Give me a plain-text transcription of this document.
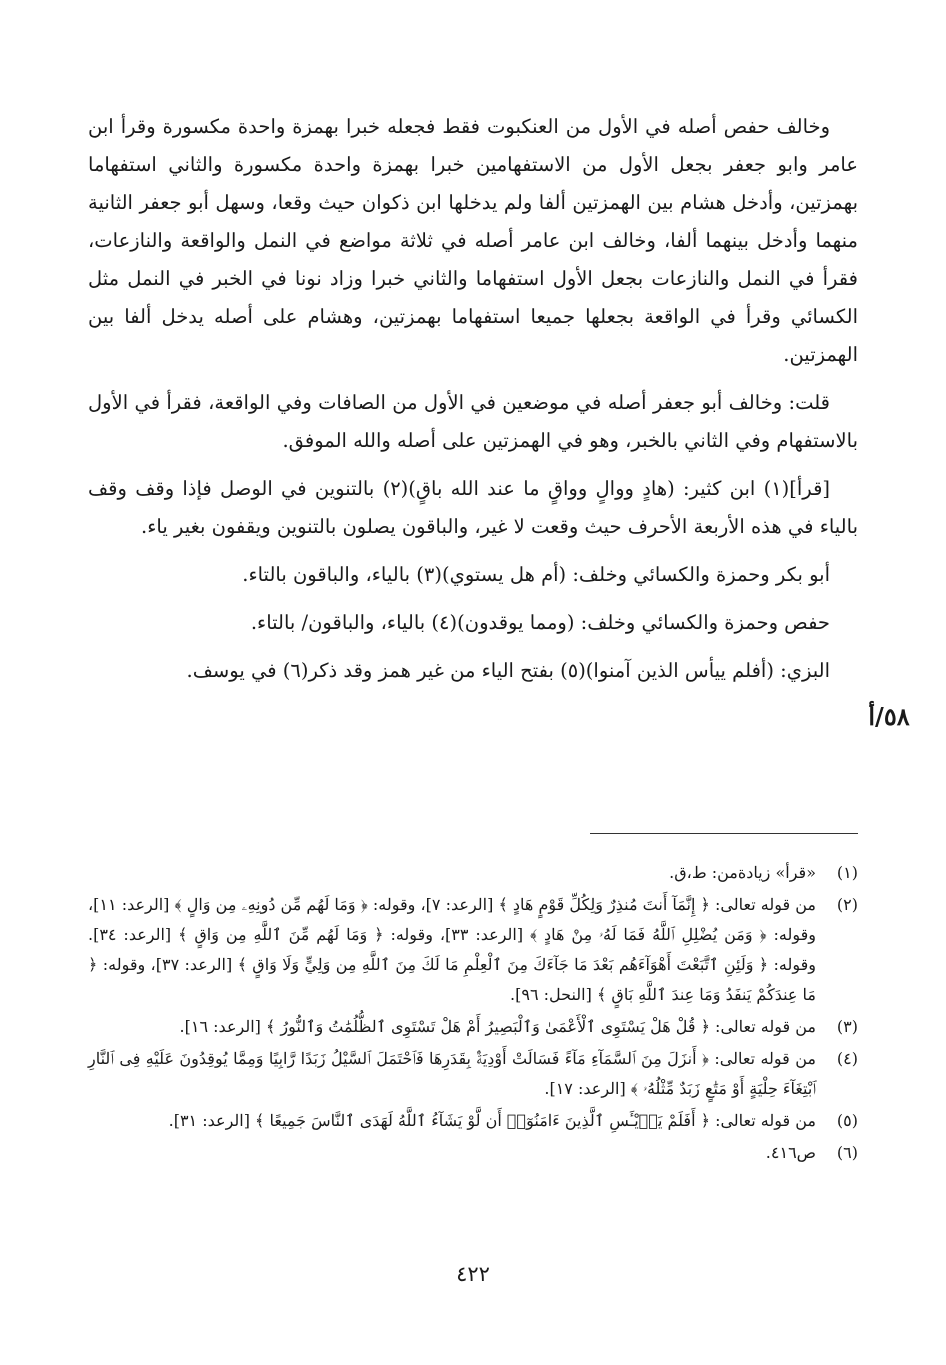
وخالف حفص أصله في الأول من العنكبوت فقط فجعله خبرا بهمزة واحدة مكسورة وقرأ ابن عامر وابو جعفر بجعل الأول من الاستفهامين خبرا بهمزة واحدة مكسورة والثاني استفهاما بهمزتين، وأدخل هشام بين الهمزتين ألفا ولم يدخلها ابن ذكوان حيث وقعا، وسهل أبو جعفر الثانية منهما وأدخل بينهما ألفا، وخالف ابن عامر أصله في ثلاثة مواضع في النمل والواقعة والنازعات، فقرأ في النمل والنازعات بجعل الأول استفهاما والثاني خبرا وزاد نونا في الخبر في النمل مثل الكسائي وقرأ في الواقعة بجعلها جميعا استفهاما بهمزتين، وهشام على أصله يدخل ألفا بين الهمزتين.

قلت: وخالف أبو جعفر أصله في موضعين في الأول من الصافات وفي الواقعة، فقرأ في الأول بالاستفهام وفي الثاني بالخبر، وهو في الهمزتين على أصله والله الموفق.

[قرأ](١) ابن كثير: (هادٍ ووالٍ وواقٍ ما عند الله باقٍ)(٢) بالتنوين في الوصل فإذا وقف وقف بالياء في هذه الأربعة الأحرف حيث وقعت لا غير، والباقون يصلون بالتنوين ويقفون بغير ياء.

أبو بكر وحمزة والكسائي وخلف: (أم هل يستوي)(٣) بالياء، والباقون بالتاء.

حفص وحمزة والكسائي وخلف: (ومما يوقدون)(٤) بالياء، والباقون/ بالتاء.

البزي: (أفلم ييأس الذين آمنوا)(٥) بفتح الياء من غير همز وقد ذكر(٦) في يوسف.

٥٨/أ
(١)
«قرأ» زيادةمن: ط،ق.
(٢)
من قوله تعالى: ﴿ إِنَّمَآ أَنتَ مُنذِرٌ وَلِكُلِّ قَوْمٍ هَادٍ ﴾ [الرعد: ٧]، وقوله: ﴿ وَمَا لَهُم مِّن دُونِهِۦ مِن وَالٍ ﴾ [الرعد: ١١]، وقوله: ﴿ وَمَن يُضْلِلِ ٱللَّهُ فَمَا لَهُۥ مِنْ هَادٍ ﴾ [الرعد: ٣٣]، وقوله: ﴿ وَمَا لَهُم مِّنَ ٱللَّهِ مِن وَاقٍ ﴾ [الرعد: ٣٤]. وقوله: ﴿ وَلَئِنِ ٱتَّبَعْتَ أَهْوَآءَهُم بَعْدَ مَا جَآءَكَ مِنَ ٱلْعِلْمِ مَا لَكَ مِنَ ٱللَّهِ مِن وَلِيٍّ وَلَا وَاقٍ ﴾ [الرعد: ٣٧]، وقوله: ﴿ مَا عِندَكُمْ يَنفَدُ وَمَا عِندَ ٱللَّهِ بَاقٍ ﴾ [النحل: ٩٦].
(٣)
من قوله تعالى: ﴿ قُلْ هَلْ يَسْتَوِى ٱلْأَعْمَىٰ وَٱلْبَصِيرُ أَمْ هَلْ تَسْتَوِى ٱلظُّلُمَٰتُ وَٱلنُّورُ ﴾ [الرعد: ١٦].
(٤)
من قوله تعالى: ﴿ أَنزَلَ مِنَ ٱلسَّمَآءِ مَآءً فَسَالَتْ أَوْدِيَةٌۢ بِقَدَرِهَا فَٱحْتَمَلَ ٱلسَّيْلُ زَبَدًا رَّابِيًا وَمِمَّا يُوقِدُونَ عَلَيْهِ فِى ٱلنَّارِ ٱبْتِغَآءَ حِلْيَةٍ أَوْ مَتَٰعٍ زَبَدٌ مِّثْلُهُۥ ﴾ [الرعد: ١٧].
(٥)
من قوله تعالى: ﴿ أَفَلَمْ يَا۟يْـَٔسِ ٱلَّذِينَ ءَامَنُوٓا۟ أَن لَّوْ يَشَآءُ ٱللَّهُ لَهَدَى ٱلنَّاسَ جَمِيعًا ﴾ [الرعد: ٣١].
(٦)
ص٤١٦.
٤٢٢
